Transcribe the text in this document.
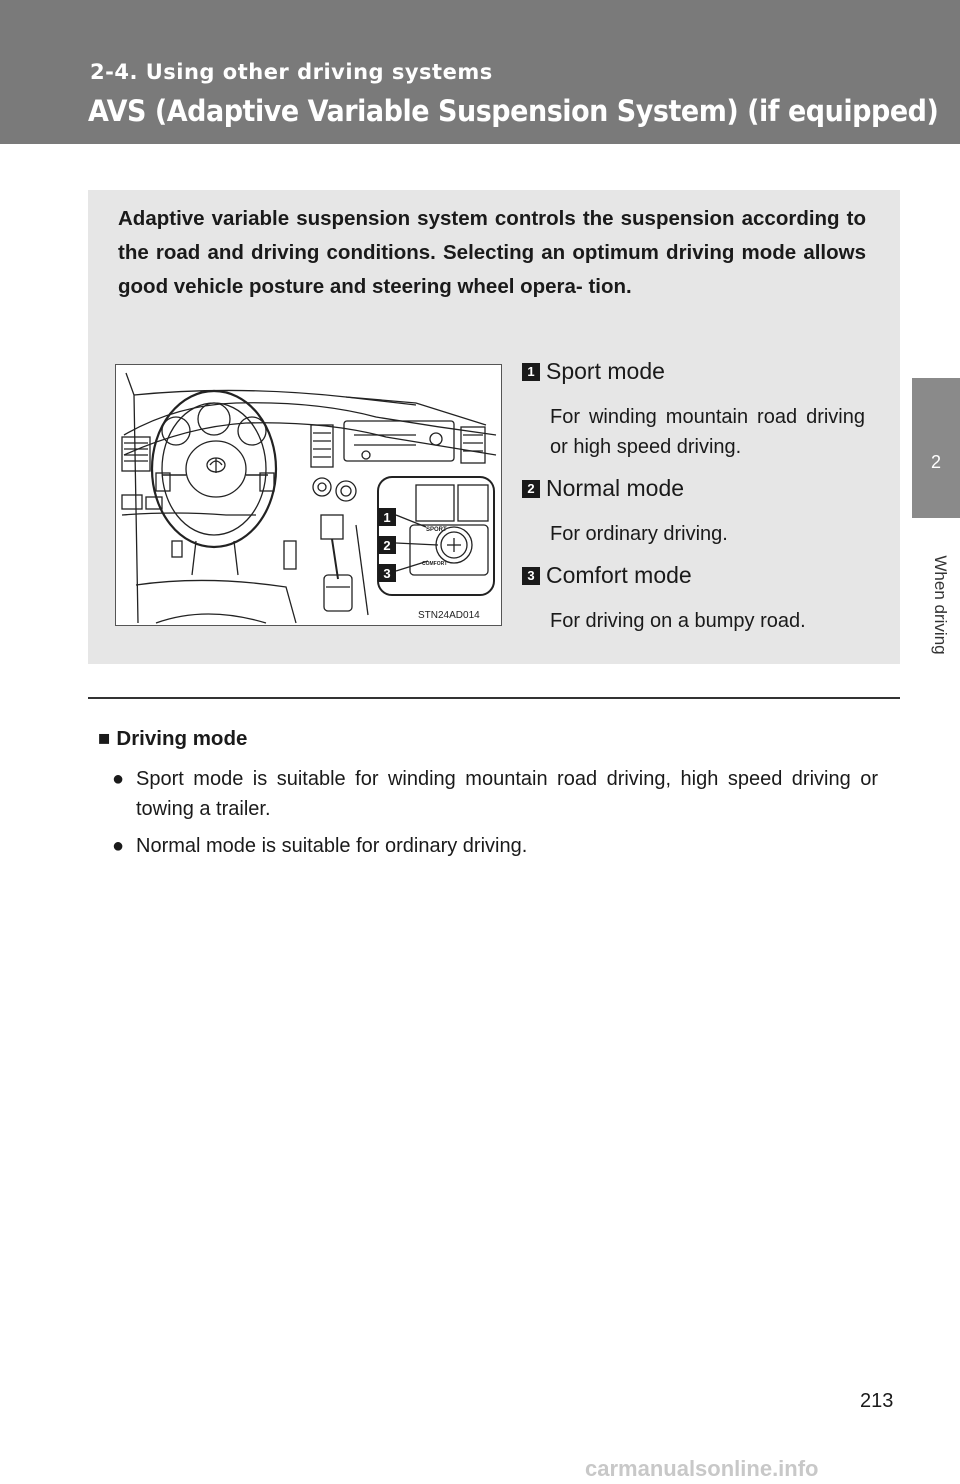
2-4. Using other driving systems
AVS (Adaptive Variable Suspension System) (if equipped)
2
When driving
Adaptive variable suspension system controls the suspension according to the road and driving conditions. Selecting an optimum driving mode allows good vehicle posture and steering wheel opera- tion.
1
2
3
SPORT
COMFORT
STN24AD014
1 Sport mode
For winding mountain road driving or high speed driving.
2 Normal mode
For ordinary driving.
3 Comfort mode
For driving on a bumpy road.
■ Driving mode
● Sport mode is suitable for winding mountain road driving, high speed driving or towing a trailer.
● Normal mode is suitable for ordinary driving.
213
carmanualsonline.info
